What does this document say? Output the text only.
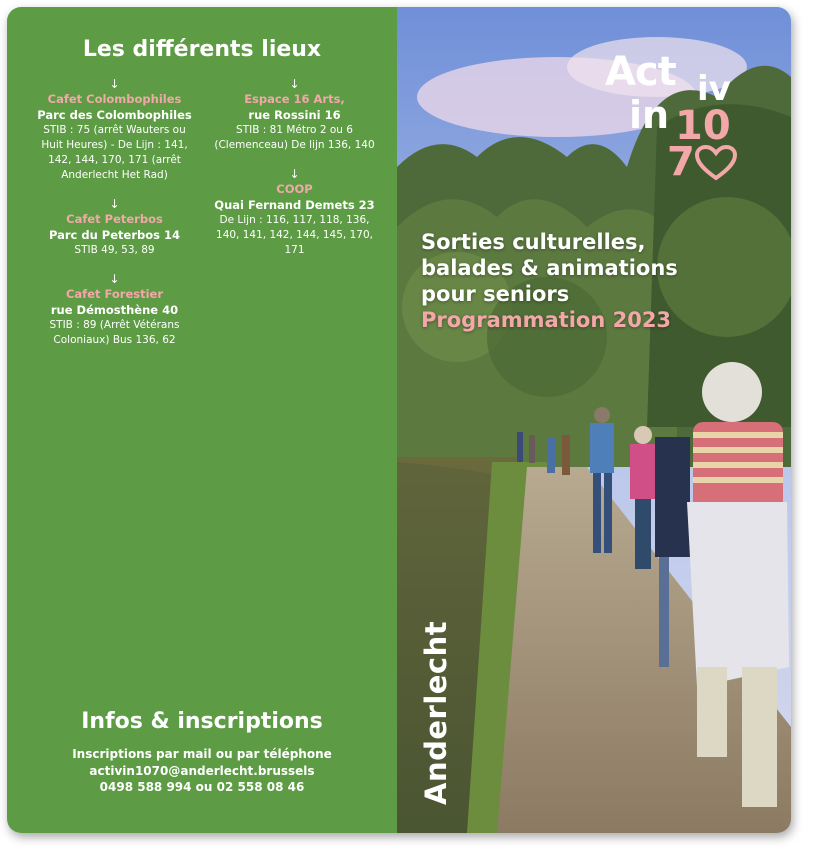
Les différents lieux
↓
Cafet Colombophiles
Parc des Colombophiles
STIB : 75 (arrêt Wauters ou Huit Heures) - De Lijn : 141, 142, 144, 170, 171 (arrêt Anderlecht Het Rad)
↓
Cafet Peterbos
Parc du Peterbos 14
STIB 49, 53, 89
↓
Cafet Forestier
rue Démosthène 40
STIB : 89 (Arrêt Vétérans Coloniaux) Bus 136, 62
↓
Espace 16 Arts,
rue Rossini 16
STIB : 81 Métro 2 ou 6 (Clemenceau) De lijn 136, 140
↓
COOP
Quai Fernand Demets 23
De Lijn : 116, 117, 118, 136, 140, 141, 142, 144, 145, 170, 171
Infos & inscriptions
Inscriptions par mail ou par téléphone
activin1070@anderlecht.brussels
0498 588 994 ou 02 558 08 46
Act iv
in 10
7
Sorties culturelles,
balades & animations
pour seniors
Programmation 2023
Anderlecht
